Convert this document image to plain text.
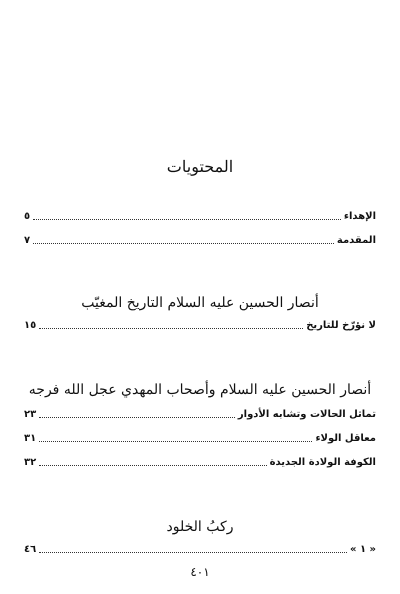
المحتويات
الإهداء
٥
المقدمة
٧
أنصار الحسين عليه السلام التاريخ المغيّب
لا نؤرّخ للتاريخ
١٥
أنصار الحسين عليه السلام وأصحاب المهدي عجل الله فرجه
تماثل الحالات وتشابه الأدوار
٢٣
معاقل الولاء
٣١
الكوفة الولادة الجديدة
٣٢
ركبُ الخلود
« ١ »
٤٦
٤٠١
